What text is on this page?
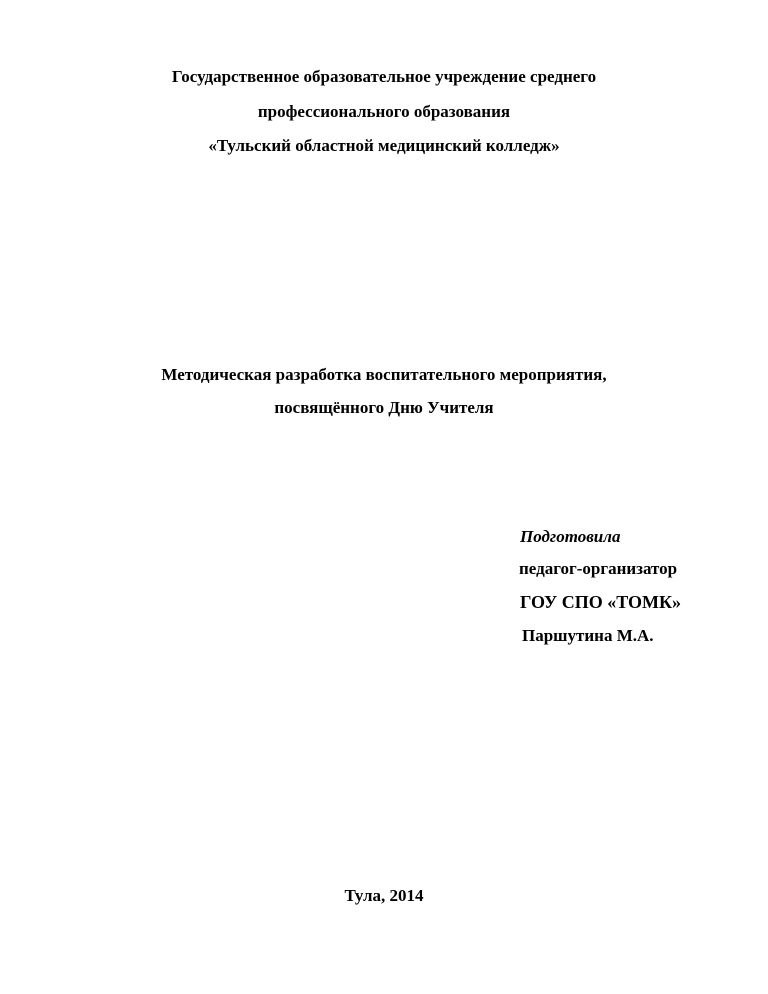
Государственное образовательное учреждение среднего
профессионального образования
«Тульский областной медицинский колледж»
Методическая разработка воспитательного мероприятия,
посвящённого Дню Учителя
Подготовила
педагог-организатор
ГОУ СПО «ТОМК»
Паршутина М.А.
Тула, 2014
